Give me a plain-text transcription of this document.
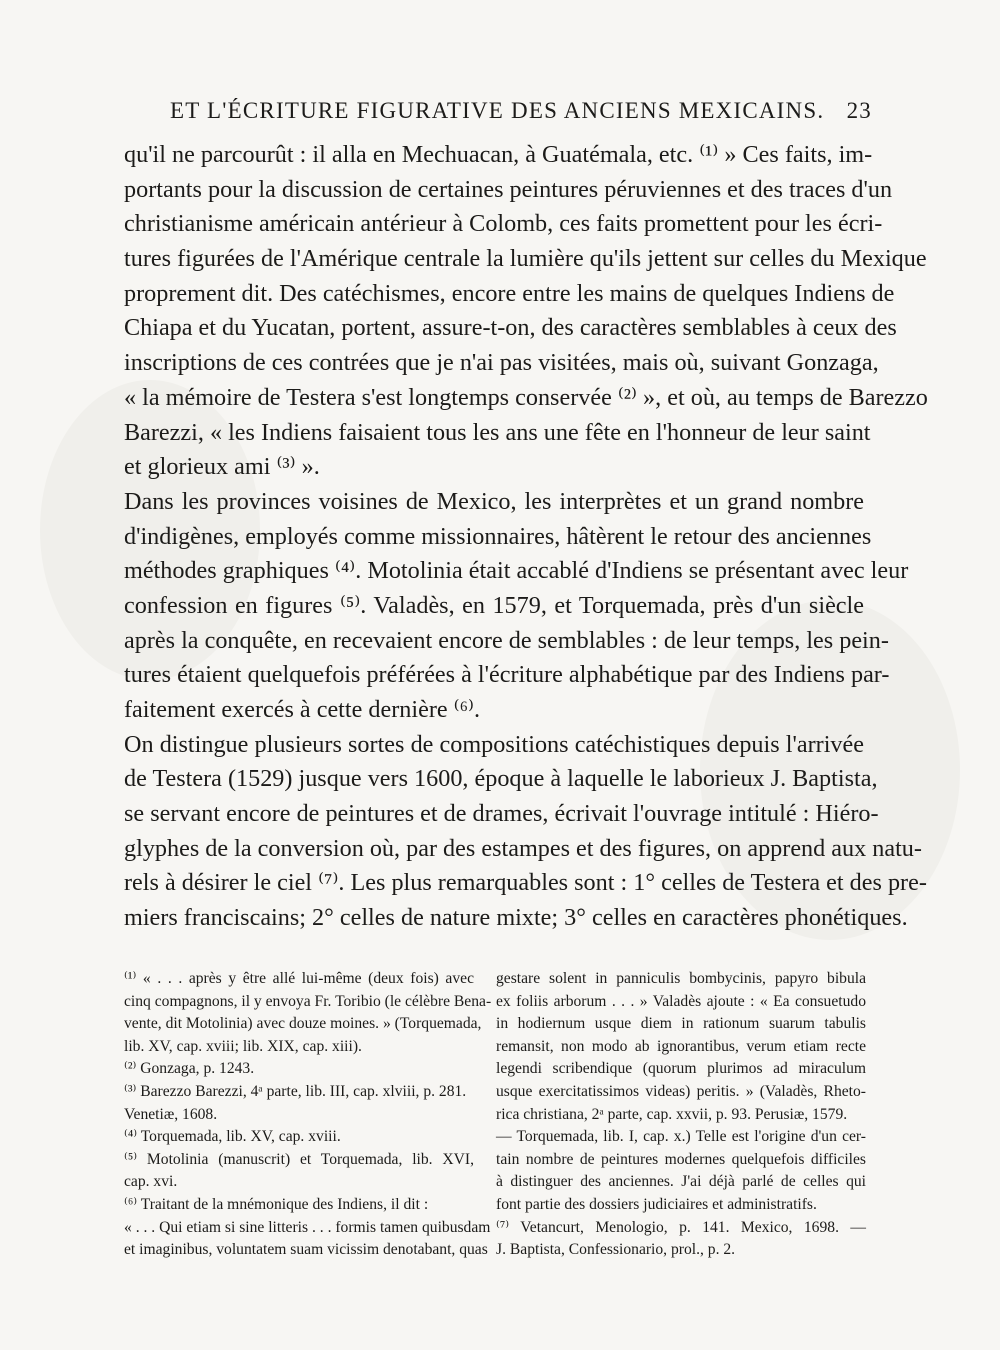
ET L'ÉCRITURE FIGURATIVE DES ANCIENS MEXICAINS. 23
qu'il ne parcourût : il alla en Mechuacan, à Guatémala, etc. ⁽¹⁾ » Ces faits, im-
portants pour la discussion de certaines peintures péruviennes et des traces d'un
christianisme américain antérieur à Colomb, ces faits promettent pour les écri-
tures figurées de l'Amérique centrale la lumière qu'ils jettent sur celles du Mexique
proprement dit. Des catéchismes, encore entre les mains de quelques Indiens de
Chiapa et du Yucatan, portent, assure-t-on, des caractères semblables à ceux des
inscriptions de ces contrées que je n'ai pas visitées, mais où, suivant Gonzaga,
« la mémoire de Testera s'est longtemps conservée ⁽²⁾ », et où, au temps de Barezzo
Barezzi, « les Indiens faisaient tous les ans une fête en l'honneur de leur saint
et glorieux ami ⁽³⁾ ».
Dans les provinces voisines de Mexico, les interprètes et un grand nombre
d'indigènes, employés comme missionnaires, hâtèrent le retour des anciennes
méthodes graphiques ⁽⁴⁾. Motolinia était accablé d'Indiens se présentant avec leur
confession en figures ⁽⁵⁾. Valadès, en 1579, et Torquemada, près d'un siècle
après la conquête, en recevaient encore de semblables : de leur temps, les pein-
tures étaient quelquefois préférées à l'écriture alphabétique par des Indiens par-
faitement exercés à cette dernière ⁽⁶⁾.
On distingue plusieurs sortes de compositions catéchistiques depuis l'arrivée
de Testera (1529) jusque vers 1600, époque à laquelle le laborieux J. Baptista,
se servant encore de peintures et de drames, écrivait l'ouvrage intitulé : Hiéro-
glyphes de la conversion où, par des estampes et des figures, on apprend aux natu-
rels à désirer le ciel ⁽⁷⁾. Les plus remarquables sont : 1° celles de Testera et des pre-
miers franciscains; 2° celles de nature mixte; 3° celles en caractères phonétiques.
⁽¹⁾ « . . . après y être allé lui-même (deux fois) avec
cinq compagnons, il y envoya Fr. Toribio (le célèbre Bena-
vente, dit Motolinia) avec douze moines. » (Torquemada,
lib. XV, cap. xviii; lib. XIX, cap. xiii).
⁽²⁾ Gonzaga, p. 1243.
⁽³⁾ Barezzo Barezzi, 4ᵃ parte, lib. III, cap. xlviii, p. 281.
Venetiæ, 1608.
⁽⁴⁾ Torquemada, lib. XV, cap. xviii.
⁽⁵⁾ Motolinia (manuscrit) et Torquemada, lib. XVI,
cap. xvi.
⁽⁶⁾ Traitant de la mnémonique des Indiens, il dit :
« . . . Qui etiam si sine litteris . . . formis tamen quibusdam
et imaginibus, voluntatem suam vicissim denotabant, quas
gestare solent in panniculis bombycinis, papyro bibula
ex foliis arborum . . . » Valadès ajoute : « Ea consuetudo
in hodiernum usque diem in rationum suarum tabulis
remansit, non modo ab ignorantibus, verum etiam recte
legendi scribendique (quorum plurimos ad miraculum
usque exercitatissimos videas) peritis. » (Valadès, Rheto-
rica christiana, 2ᵃ parte, cap. xxvii, p. 93. Perusiæ, 1579.
— Torquemada, lib. I, cap. x.) Telle est l'origine d'un cer-
tain nombre de peintures modernes quelquefois difficiles
à distinguer des anciennes. J'ai déjà parlé de celles qui
font partie des dossiers judiciaires et administratifs.
⁽⁷⁾ Vetancurt, Menologio, p. 141. Mexico, 1698. —
J. Baptista, Confessionario, prol., p. 2.
